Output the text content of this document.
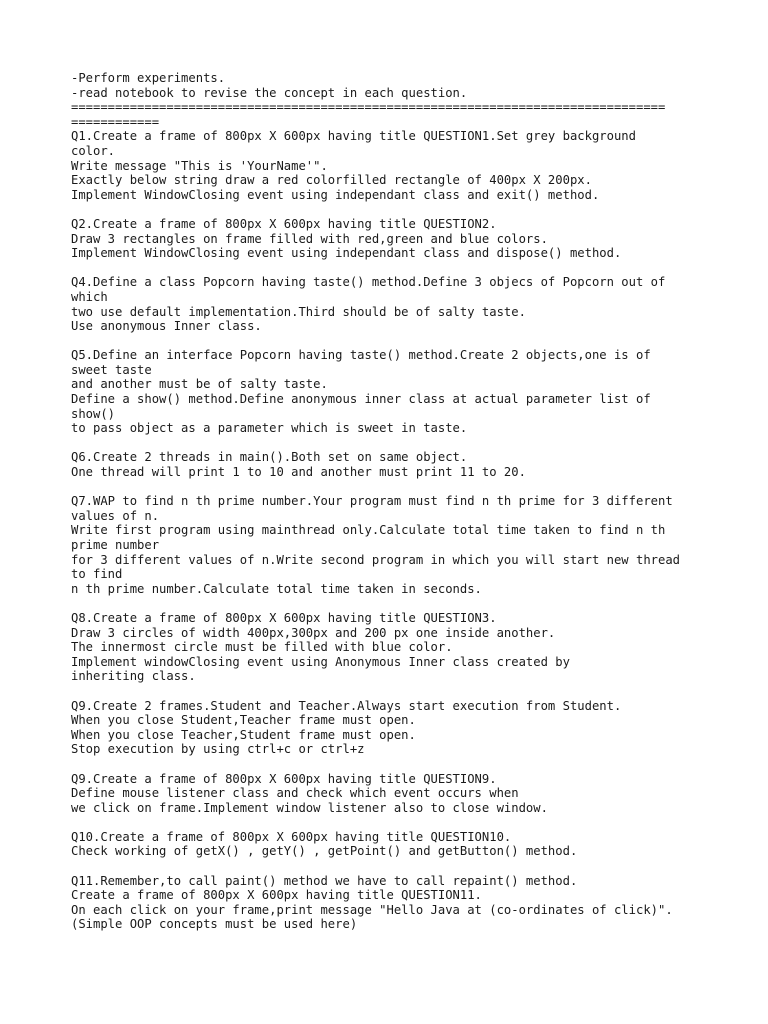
-Perform experiments.
-read notebook to revise the concept in each question.
=================================================================================
============
Q1.Create a frame of 800px X 600px having title QUESTION1.Set grey background
color.
Write message "This is 'YourName'".
Exactly below string draw a red colorfilled rectangle of 400px X 200px.
Implement WindowClosing event using independant class and exit() method.
Q2.Create a frame of 800px X 600px having title QUESTION2.
Draw 3 rectangles on frame filled with red,green and blue colors.
Implement WindowClosing event using independant class and dispose() method.
Q4.Define a class Popcorn having taste() method.Define 3 objecs of Popcorn out of
which
two use default implementation.Third should be of salty taste.
Use anonymous Inner class.
Q5.Define an interface Popcorn having taste() method.Create 2 objects,one is of
sweet taste
and another must be of salty taste.
Define a show() method.Define anonymous inner class at actual parameter list of
show()
to pass object as a parameter which is sweet in taste.
Q6.Create 2 threads in main().Both set on same object.
One thread will print 1 to 10 and another must print 11 to 20.
Q7.WAP to find n th prime number.Your program must find n th prime for 3 different
values of n.
Write first program using mainthread only.Calculate total time taken to find n th
prime number
for 3 different values of n.Write second program in which you will start new thread
to find
n th prime number.Calculate total time taken in seconds.
Q8.Create a frame of 800px X 600px having title QUESTION3.
Draw 3 circles of width 400px,300px and 200 px one inside another.
The innermost circle must be filled with blue color.
Implement windowClosing event using Anonymous Inner class created by
inheriting class.
Q9.Create 2 frames.Student and Teacher.Always start execution from Student.
When you close Student,Teacher frame must open.
When you close Teacher,Student frame must open.
Stop execution by using ctrl+c or ctrl+z
Q9.Create a frame of 800px X 600px having title QUESTION9.
Define mouse listener class and check which event occurs when
we click on frame.Implement window listener also to close window.
Q10.Create a frame of 800px X 600px having title QUESTION10.
Check working of getX() , getY() , getPoint() and getButton() method.
Q11.Remember,to call paint() method we have to call repaint() method.
Create a frame of 800px X 600px having title QUESTION11.
On each click on your frame,print message "Hello Java at (co-ordinates of click)".
(Simple OOP concepts must be used here)
